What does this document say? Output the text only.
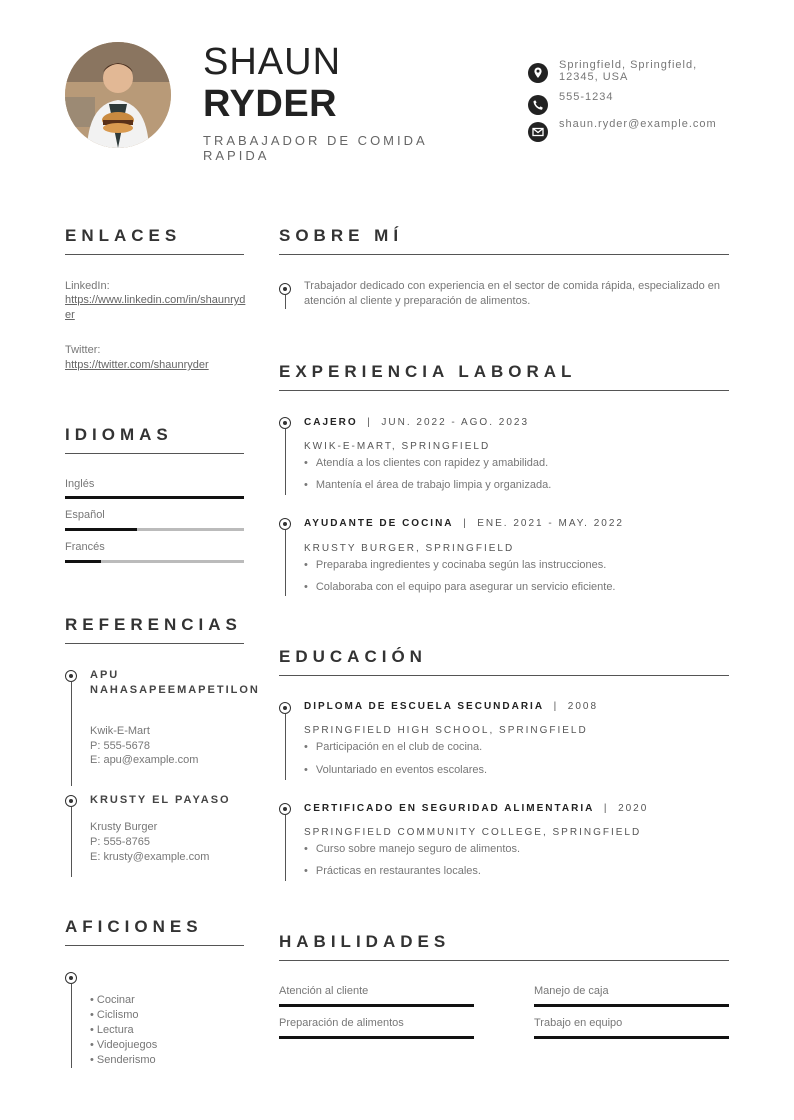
SHAUN
RYDER
TRABAJADOR DE COMIDA RAPIDA
Springfield, Springfield, 12345, USA
555-1234
shaun.ryder@example.com
ENLACES
LinkedIn:
https://www.linkedin.com/in/shaunryder
Twitter:
https://twitter.com/shaunryder
IDIOMAS
Inglés
Español
Francés
REFERENCIAS
APU NAHASAPEEMAPETILON
Kwik-E-Mart
P: 555-5678
E: apu@example.com
KRUSTY EL PAYASO
Krusty Burger
P: 555-8765
E: krusty@example.com
AFICIONES
• Cocinar
• Ciclismo
• Lectura
• Videojuegos
• Senderismo
SOBRE MÍ
Trabajador dedicado con experiencia en el sector de comida rápida, especializado en atención al cliente y preparación de alimentos.
EXPERIENCIA LABORAL
CAJERO  |  JUN. 2022 - AGO. 2023
KWIK-E-MART, SPRINGFIELD
• Atendía a los clientes con rapidez y amabilidad.
• Mantenía el área de trabajo limpia y organizada.
AYUDANTE DE COCINA  |  ENE. 2021 - MAY. 2022
KRUSTY BURGER, SPRINGFIELD
• Preparaba ingredientes y cocinaba según las instrucciones.
• Colaboraba con el equipo para asegurar un servicio eficiente.
EDUCACIÓN
DIPLOMA DE ESCUELA SECUNDARIA  |  2008
SPRINGFIELD HIGH SCHOOL, SPRINGFIELD
• Participación en el club de cocina.
• Voluntariado en eventos escolares.
CERTIFICADO EN SEGURIDAD ALIMENTARIA  |  2020
SPRINGFIELD COMMUNITY COLLEGE, SPRINGFIELD
• Curso sobre manejo seguro de alimentos.
• Prácticas en restaurantes locales.
HABILIDADES
Atención al cliente	Manejo de caja
Preparación de alimentos	Trabajo en equipo
